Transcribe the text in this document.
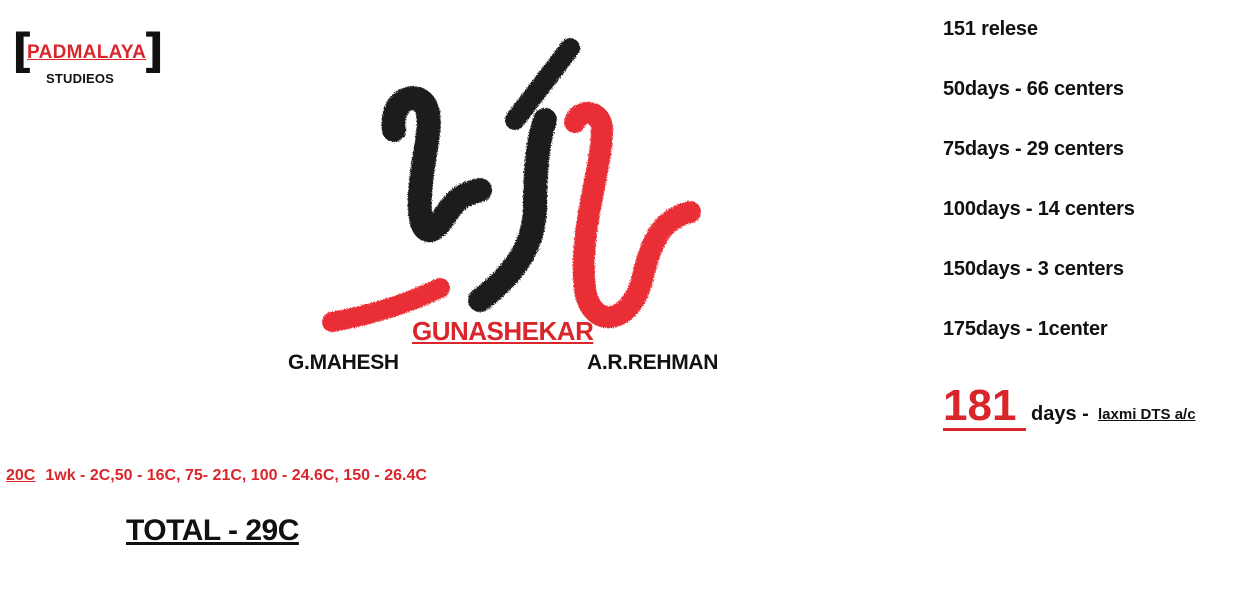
[
PADMALAYA
]
STUDIEOS
GUNASHEKAR
G.MAHESH	A.R.REHMAN
151 relese
50days - 66 centers
75days - 29 centers
100days - 14 centers
150days - 3 centers
175days - 1center
181 days - laxmi DTS a/c
20C 1wk - 2C,50 - 16C, 75- 21C, 100 - 24.6C, 150 - 26.4C
TOTAL - 29C
